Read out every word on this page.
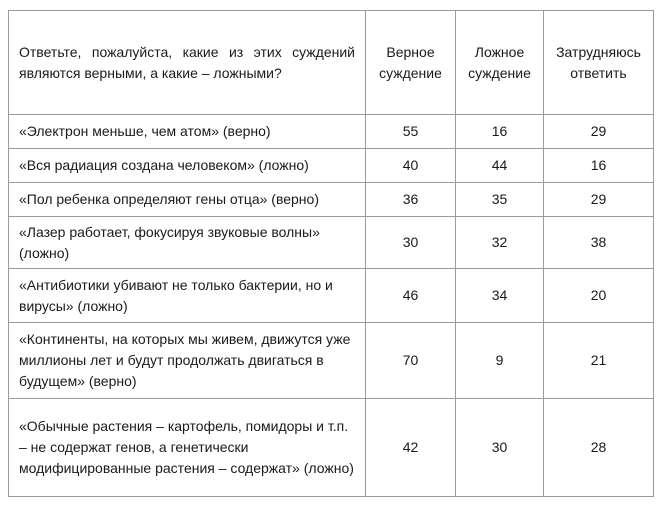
Ответьте, пожалуйста, какие из этих суждений являются верными, а какие – ложными?	Верное суждение	Ложное суждение	Затрудняюсь ответить
«Электрон меньше, чем атом» (верно)	55	16	29
«Вся радиация создана человеком» (ложно)	40	44	16
«Пол ребенка определяют гены отца» (верно)	36	35	29
«Лазер работает, фокусируя звуковые волны» (ложно)	30	32	38
«Антибиотики убивают не только бактерии, но и вирусы» (ложно)	46	34	20
«Континенты, на которых мы живем, движутся уже миллионы лет и будут продолжать двигаться в будущем» (верно)	70	9	21
«Обычные растения – картофель, помидоры и т.п. – не содержат генов, а генетически модифицированные растения – содержат» (ложно)	42	30	28
